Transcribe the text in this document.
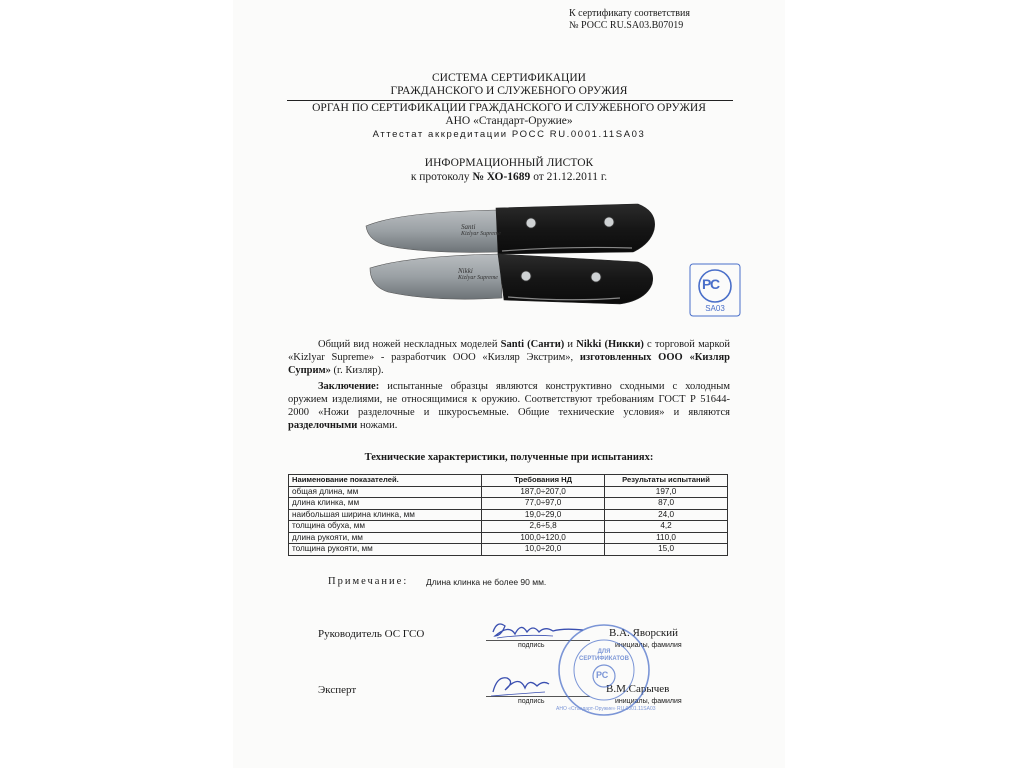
К сертификату соответствия
№ РОСС RU.SA03.B07019
СИСТЕМА СЕРТИФИКАЦИИ
ГРАЖДАНСКОГО И СЛУЖЕБНОГО ОРУЖИЯ
ОРГАН ПО СЕРТИФИКАЦИИ ГРАЖДАНСКОГО И СЛУЖЕБНОГО ОРУЖИЯ
АНО «Стандарт-Оружие»
Аттестат аккредитации РОСС RU.0001.11SA03
ИНФОРМАЦИОННЫЙ ЛИСТОК
к протоколу № ХО-1689 от 21.12.2011 г.
Santi
Kizlyar Supreme
Nikki
Kizlyar Supreme	РС
SA03
Общий вид ножей нескладных моделей Santi (Санти) и Nikki (Никки) с торговой маркой «Kizlyar Supreme» - разработчик ООО «Кизляр Экстрим», изготовленных ООО «Кизляр Суприм» (г. Кизляр).
Заключение: испытанные образцы являются конструктивно сходными с холодным оружием изделиями, не относящимися к оружию. Соответствуют требованиям ГОСТ Р 51644-2000 «Ножи разделочные и шкуросъемные. Общие технические условия» и являются разделочными ножами.
Технические характеристики, полученные при испытаниях:
Наименование показателей.	Требования НД	Результаты испытаний
общая длина, мм	187,0÷207,0	197,0
длина клинка, мм	77,0÷97,0	87,0
наибольшая ширина клинка, мм	19,0÷29,0	24,0
толщина обуха, мм	2,6÷5,8	4,2
длина рукояти, мм	100,0÷120,0	110,0
толщина рукояти, мм	10,0÷20,0	15,0
Примечание: Длина клинка не более 90 мм.
Руководитель ОС ГСО
подпись
В.А. Яворский
инициалы, фамилия
Эксперт
подпись
В.М.Сарычев
инициалы, фамилия
ДЛЯ
СЕРТИФИКАТОВ
РС
АНО «Стандарт-Оружие» RU.0001.11SA03
